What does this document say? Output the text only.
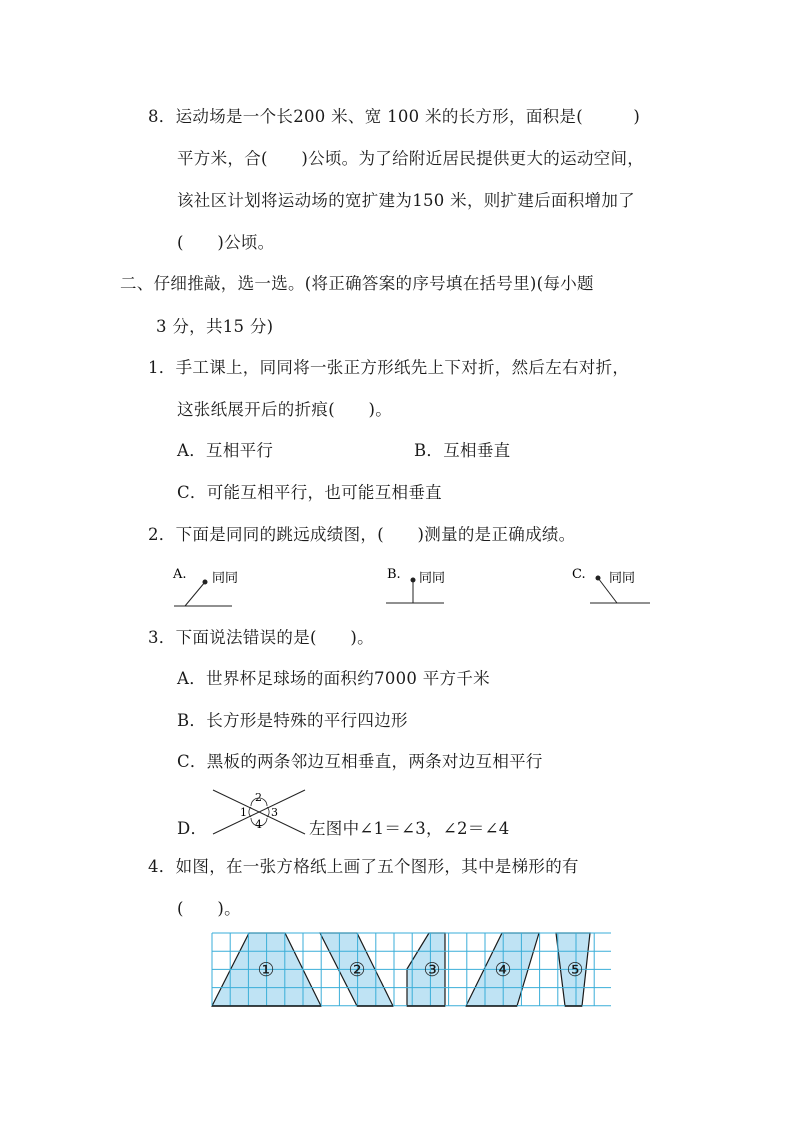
8．运动场是一个长200 米、宽 100 米的长方形，面积是(　　　)
平方米，合(　　)公顷。为了给附近居民提供更大的运动空间，
该社区计划将运动场的宽扩建为150 米，则扩建后面积增加了
(　　)公顷。
二、仔细推敲，选一选。(将正确答案的序号填在括号里)(每小题
3 分，共15 分)
1．手工课上，同同将一张正方形纸先上下对折，然后左右对折，
这张纸展开后的折痕(　　)。
A．互相平行	B．互相垂直
C．可能互相平行，也可能互相垂直
2．下面是同同的跳远成绩图，(　　)测量的是正确成绩。
A. 同同	B. 同同	C. 同同
3．下面说法错误的是(　　)。
A．世界杯足球场的面积约7000 平方千米
B．长方形是特殊的平行四边形
C．黑板的两条邻边互相垂直，两条对边互相平行
D．
1
2
3
4	左图中∠1＝∠3，∠2＝∠4
4．如图，在一张方格纸上画了五个图形，其中是梯形的有
(　　)。
①	②	③	④	⑤
